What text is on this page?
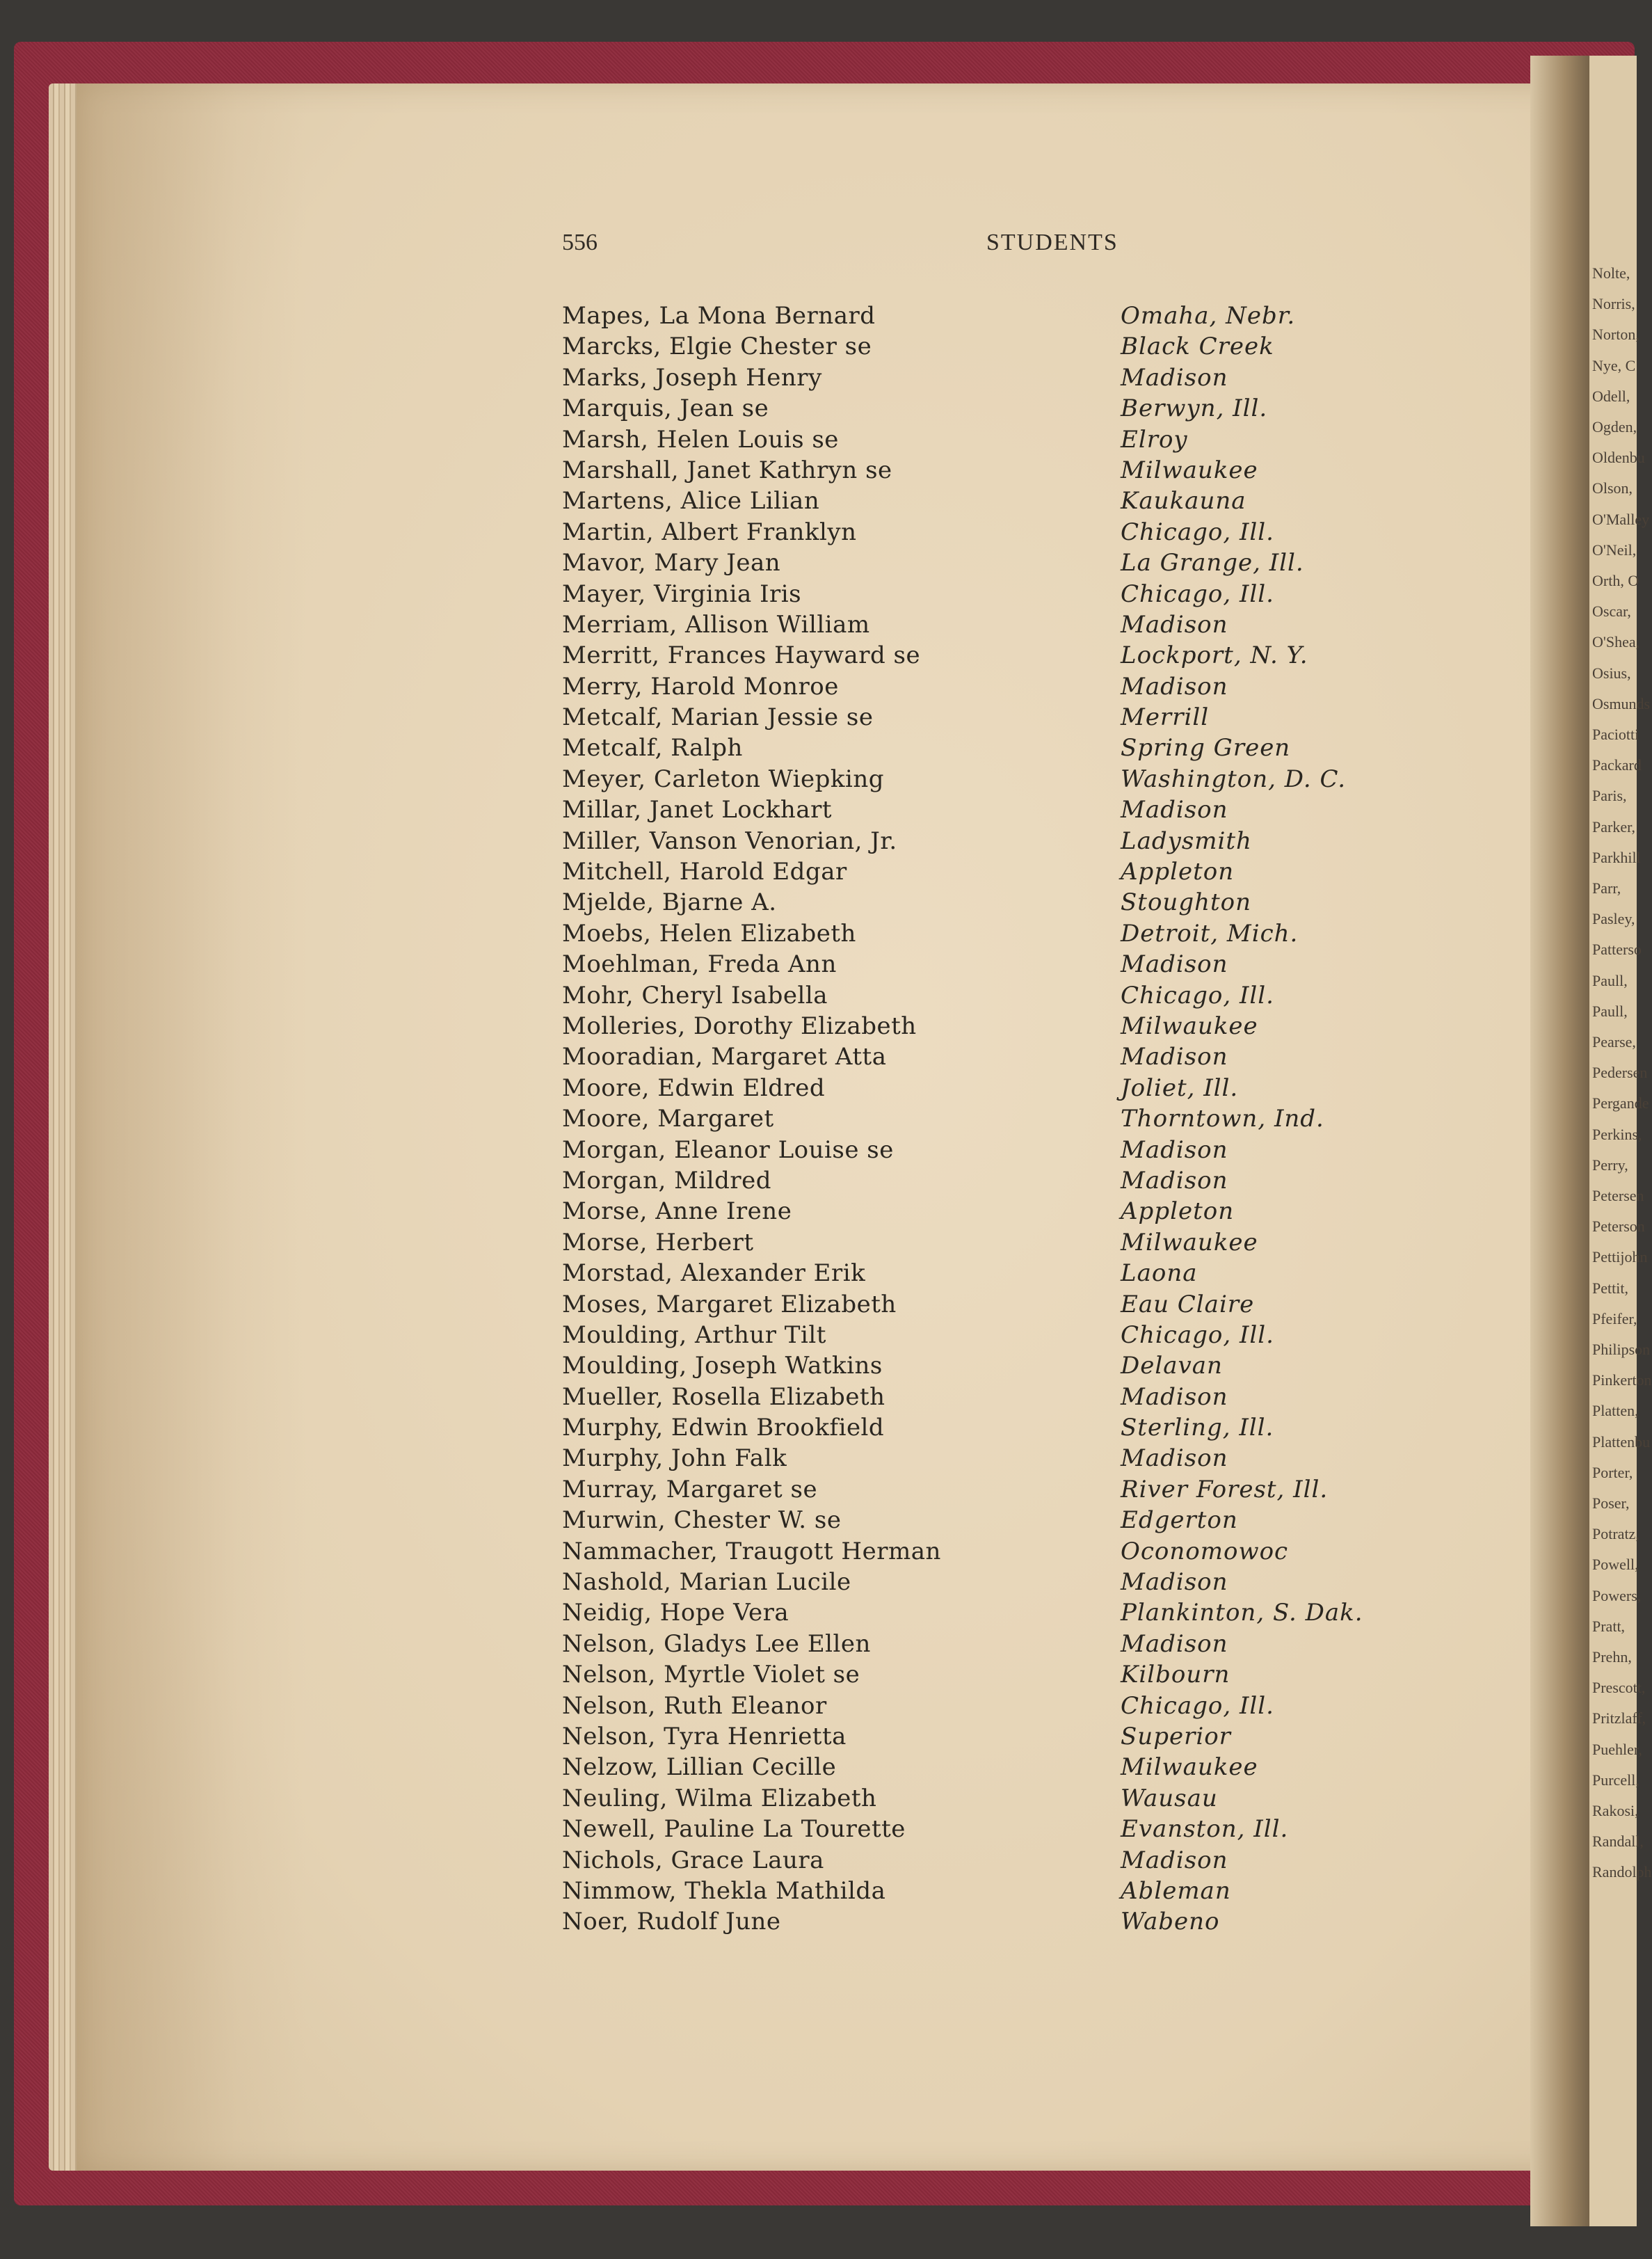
Nolte,
Norris,
Norton,
Nye, C
Odell,
Ogden,
Oldenbu
Olson,
O'Malley
O'Neil,
Orth, O
Oscar,
O'Shea,
Osius,
Osmunds
Paciotti
Packard
Paris,
Parker,
Parkhill
Parr,
Pasley,
Patterso
Paull,
Paull,
Pearse,
Pedersen
Pergande
Perkins,
Perry,
Petersen
Peterson
Pettijohn
Pettit,
Pfeifer,
Philipson
Pinkerton
Platten,
Plattenbu
Porter,
Poser,
Potratz,
Powell,
Powers,
Pratt,
Prehn,
Prescott,
Pritzlaff,
Puehler,
Purcell,
Rakosi,
Randall,
Randolph
556	STUDENTS
Mapes, La Mona Bernard	Omaha, Nebr.
Marcks, Elgie Chester se	Black Creek
Marks, Joseph Henry	Madison
Marquis, Jean se	Berwyn, Ill.
Marsh, Helen Louis se	Elroy
Marshall, Janet Kathryn se	Milwaukee
Martens, Alice Lilian	Kaukauna
Martin, Albert Franklyn	Chicago, Ill.
Mavor, Mary Jean	La Grange, Ill.
Mayer, Virginia Iris	Chicago, Ill.
Merriam, Allison William	Madison
Merritt, Frances Hayward se	Lockport, N. Y.
Merry, Harold Monroe	Madison
Metcalf, Marian Jessie se	Merrill
Metcalf, Ralph	Spring Green
Meyer, Carleton Wiepking	Washington, D. C.
Millar, Janet Lockhart	Madison
Miller, Vanson Venorian, Jr.	Ladysmith
Mitchell, Harold Edgar	Appleton
Mjelde, Bjarne A.	Stoughton
Moebs, Helen Elizabeth	Detroit, Mich.
Moehlman, Freda Ann	Madison
Mohr, Cheryl Isabella	Chicago, Ill.
Molleries, Dorothy Elizabeth	Milwaukee
Mooradian, Margaret Atta	Madison
Moore, Edwin Eldred	Joliet, Ill.
Moore, Margaret	Thorntown, Ind.
Morgan, Eleanor Louise se	Madison
Morgan, Mildred	Madison
Morse, Anne Irene	Appleton
Morse, Herbert	Milwaukee
Morstad, Alexander Erik	Laona
Moses, Margaret Elizabeth	Eau Claire
Moulding, Arthur Tilt	Chicago, Ill.
Moulding, Joseph Watkins	Delavan
Mueller, Rosella Elizabeth	Madison
Murphy, Edwin Brookfield	Sterling, Ill.
Murphy, John Falk	Madison
Murray, Margaret se	River Forest, Ill.
Murwin, Chester W. se	Edgerton
Nammacher, Traugott Herman	Oconomowoc
Nashold, Marian Lucile	Madison
Neidig, Hope Vera	Plankinton, S. Dak.
Nelson, Gladys Lee Ellen	Madison
Nelson, Myrtle Violet se	Kilbourn
Nelson, Ruth Eleanor	Chicago, Ill.
Nelson, Tyra Henrietta	Superior
Nelzow, Lillian Cecille	Milwaukee
Neuling, Wilma Elizabeth	Wausau
Newell, Pauline La Tourette	Evanston, Ill.
Nichols, Grace Laura	Madison
Nimmow, Thekla Mathilda	Ableman
Noer, Rudolf June	Wabeno
